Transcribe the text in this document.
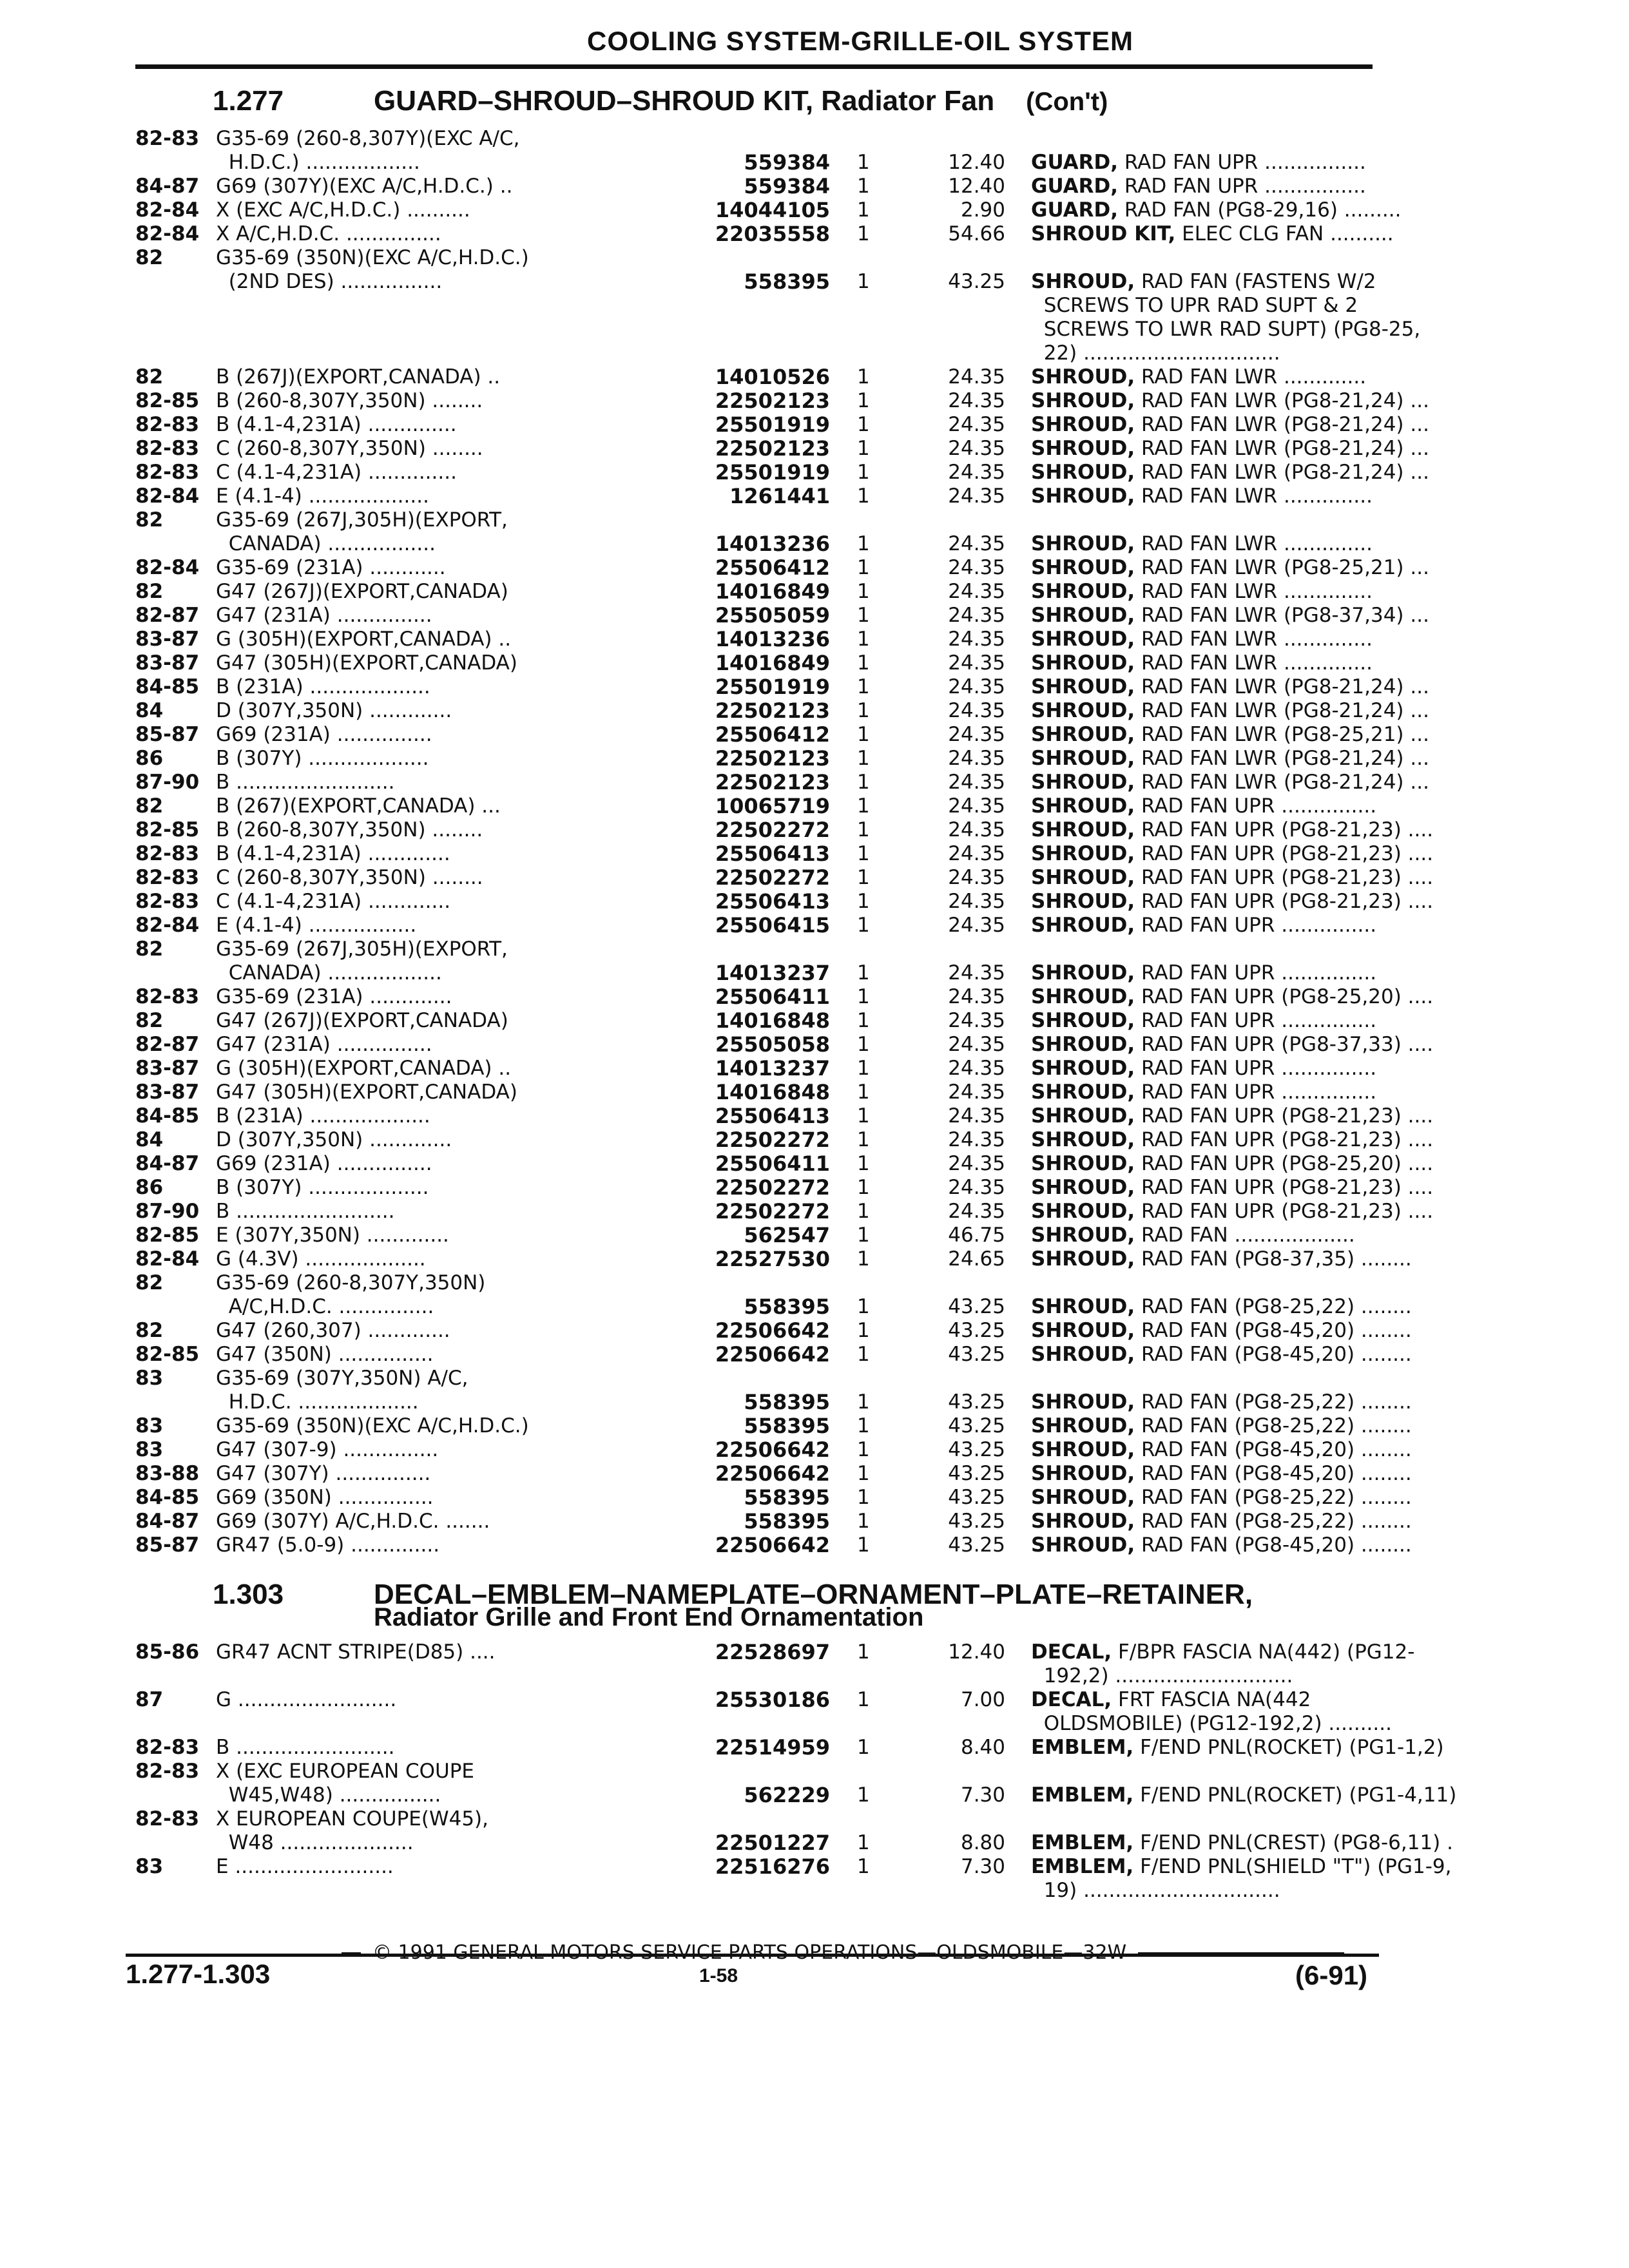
COOLING SYSTEM-GRILLE-OIL SYSTEM
1.277	GUARD–SHROUD–SHROUD KIT, Radiator Fan (Con't)
82-83 G35-69 (260-8,307Y)(EXC A/C,
H.D.C.) ..................	559384 1	12.40 GUARD, RAD FAN UPR ................
84-87 G69 (307Y)(EXC A/C,H.D.C.) ..	559384 1	12.40 GUARD, RAD FAN UPR ................
82-84 X (EXC A/C,H.D.C.) ..........	14044105 1	2.90 GUARD, RAD FAN (PG8-29,16) .........
82-84 X A/C,H.D.C. ...............	22035558 1	54.66 SHROUD KIT, ELEC CLG FAN ..........
82	G35-69 (350N)(EXC A/C,H.D.C.)
(2ND DES) ................	558395 1	43.25 SHROUD, RAD FAN (FASTENS W/2
SCREWS TO UPR RAD SUPT & 2
SCREWS TO LWR RAD SUPT) (PG8-25,
22) ...............................
82	B (267J)(EXPORT,CANADA) ..	14010526 1	24.35 SHROUD, RAD FAN LWR .............
82-85 B (260-8,307Y,350N) ........	22502123 1	24.35 SHROUD, RAD FAN LWR (PG8-21,24) ...
82-83 B (4.1-4,231A) ..............	25501919 1	24.35 SHROUD, RAD FAN LWR (PG8-21,24) ...
82-83 C (260-8,307Y,350N) ........	22502123 1	24.35 SHROUD, RAD FAN LWR (PG8-21,24) ...
82-83 C (4.1-4,231A) ..............	25501919 1	24.35 SHROUD, RAD FAN LWR (PG8-21,24) ...
82-84 E (4.1-4) ...................	1261441 1	24.35 SHROUD, RAD FAN LWR ..............
82	G35-69 (267J,305H)(EXPORT,
CANADA) .................	14013236 1	24.35 SHROUD, RAD FAN LWR ..............
82-84 G35-69 (231A) ............	25506412 1	24.35 SHROUD, RAD FAN LWR (PG8-25,21) ...
82	G47 (267J)(EXPORT,CANADA)	14016849 1	24.35 SHROUD, RAD FAN LWR ..............
82-87 G47 (231A) ...............	25505059 1	24.35 SHROUD, RAD FAN LWR (PG8-37,34) ...
83-87 G (305H)(EXPORT,CANADA) ..	14013236 1	24.35 SHROUD, RAD FAN LWR ..............
83-87 G47 (305H)(EXPORT,CANADA)	14016849 1	24.35 SHROUD, RAD FAN LWR ..............
84-85 B (231A) ...................	25501919 1	24.35 SHROUD, RAD FAN LWR (PG8-21,24) ...
84	D (307Y,350N) .............	22502123 1	24.35 SHROUD, RAD FAN LWR (PG8-21,24) ...
85-87 G69 (231A) ...............	25506412 1	24.35 SHROUD, RAD FAN LWR (PG8-25,21) ...
86	B (307Y) ...................	22502123 1	24.35 SHROUD, RAD FAN LWR (PG8-21,24) ...
87-90 B .........................	22502123 1	24.35 SHROUD, RAD FAN LWR (PG8-21,24) ...
82	B (267)(EXPORT,CANADA) ...	10065719 1	24.35 SHROUD, RAD FAN UPR ...............
82-85 B (260-8,307Y,350N) ........	22502272 1	24.35 SHROUD, RAD FAN UPR (PG8-21,23) ....
82-83 B (4.1-4,231A) .............	25506413 1	24.35 SHROUD, RAD FAN UPR (PG8-21,23) ....
82-83 C (260-8,307Y,350N) ........	22502272 1	24.35 SHROUD, RAD FAN UPR (PG8-21,23) ....
82-83 C (4.1-4,231A) .............	25506413 1	24.35 SHROUD, RAD FAN UPR (PG8-21,23) ....
82-84 E (4.1-4) .................	25506415 1	24.35 SHROUD, RAD FAN UPR ...............
82	G35-69 (267J,305H)(EXPORT,
CANADA) ..................	14013237 1	24.35 SHROUD, RAD FAN UPR ...............
82-83 G35-69 (231A) .............	25506411 1	24.35 SHROUD, RAD FAN UPR (PG8-25,20) ....
82	G47 (267J)(EXPORT,CANADA)	14016848 1	24.35 SHROUD, RAD FAN UPR ...............
82-87 G47 (231A) ...............	25505058 1	24.35 SHROUD, RAD FAN UPR (PG8-37,33) ....
83-87 G (305H)(EXPORT,CANADA) ..	14013237 1	24.35 SHROUD, RAD FAN UPR ...............
83-87 G47 (305H)(EXPORT,CANADA)	14016848 1	24.35 SHROUD, RAD FAN UPR ...............
84-85 B (231A) ...................	25506413 1	24.35 SHROUD, RAD FAN UPR (PG8-21,23) ....
84	D (307Y,350N) .............	22502272 1	24.35 SHROUD, RAD FAN UPR (PG8-21,23) ....
84-87 G69 (231A) ...............	25506411 1	24.35 SHROUD, RAD FAN UPR (PG8-25,20) ....
86	B (307Y) ...................	22502272 1	24.35 SHROUD, RAD FAN UPR (PG8-21,23) ....
87-90 B .........................	22502272 1	24.35 SHROUD, RAD FAN UPR (PG8-21,23) ....
82-85 E (307Y,350N) .............	562547 1	46.75 SHROUD, RAD FAN ...................
82-84 G (4.3V) ...................	22527530 1	24.65 SHROUD, RAD FAN (PG8-37,35) ........
82	G35-69 (260-8,307Y,350N)
A/C,H.D.C. ...............	558395 1	43.25 SHROUD, RAD FAN (PG8-25,22) ........
82	G47 (260,307) .............	22506642 1	43.25 SHROUD, RAD FAN (PG8-45,20) ........
82-85 G47 (350N) ...............	22506642 1	43.25 SHROUD, RAD FAN (PG8-45,20) ........
83	G35-69 (307Y,350N) A/C,
H.D.C. ...................	558395 1	43.25 SHROUD, RAD FAN (PG8-25,22) ........
83	G35-69 (350N)(EXC A/C,H.D.C.)	558395 1	43.25 SHROUD, RAD FAN (PG8-25,22) ........
83	G47 (307-9) ...............	22506642 1	43.25 SHROUD, RAD FAN (PG8-45,20) ........
83-88 G47 (307Y) ...............	22506642 1	43.25 SHROUD, RAD FAN (PG8-45,20) ........
84-85 G69 (350N) ...............	558395 1	43.25 SHROUD, RAD FAN (PG8-25,22) ........
84-87 G69 (307Y) A/C,H.D.C. .......	558395 1	43.25 SHROUD, RAD FAN (PG8-25,22) ........
85-87 GR47 (5.0-9) ..............	22506642 1	43.25 SHROUD, RAD FAN (PG8-45,20) ........
1.303	DECAL–EMBLEM–NAMEPLATE–ORNAMENT–PLATE–RETAINER,
Radiator Grille and Front End Ornamentation
85-86 GR47 ACNT STRIPE(D85) ....	22528697 1	12.40 DECAL, F/BPR FASCIA NA(442) (PG12-
192,2) ............................
87	G .........................	25530186 1	7.00 DECAL, FRT FASCIA NA(442
OLDSMOBILE) (PG12-192,2) ..........
82-83 B .........................	22514959 1	8.40 EMBLEM, F/END PNL(ROCKET) (PG1-1,2)
82-83 X (EXC EUROPEAN COUPE
W45,W48) ................	562229 1	7.30 EMBLEM, F/END PNL(ROCKET) (PG1-4,11)
82-83 X EUROPEAN COUPE(W45),
W48 .....................	22501227 1	8.80 EMBLEM, F/END PNL(CREST) (PG8-6,11) .
83	E .........................	22516276 1	7.30 EMBLEM, F/END PNL(SHIELD "T") (PG1-9,
19) ...............................
© 1991 GENERAL MOTORS SERVICE PARTS OPERATIONS—OLDSMOBILE—32W
1.277-1.303	1-58	(6-91)
